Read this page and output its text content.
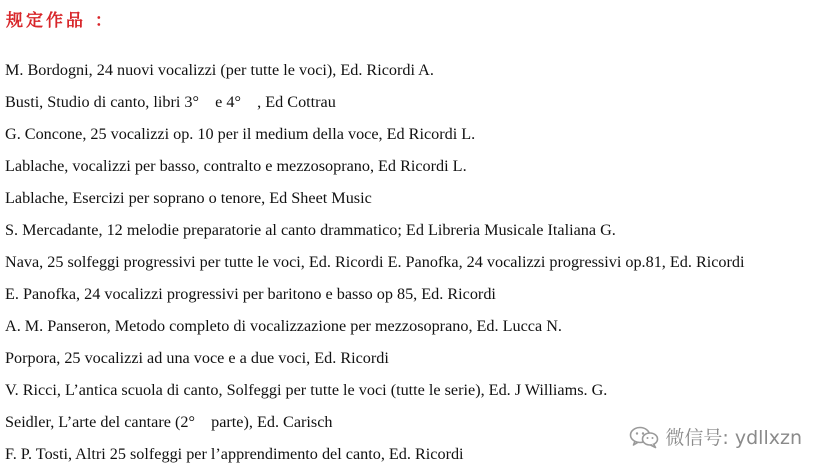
规定作品 ：
M. Bordogni, 24 nuovi vocalizzi (per tutte le voci), Ed. Ricordi A.
Busti, Studio di canto, libri 3°　e 4°　, Ed Cottrau
G. Concone, 25 vocalizzi op. 10 per il medium della voce, Ed Ricordi L.
Lablache, vocalizzi per basso, contralto e mezzosoprano, Ed Ricordi L.
Lablache, Esercizi per soprano o tenore, Ed Sheet Music
S. Mercadante, 12 melodie preparatorie al canto drammatico; Ed Libreria Musicale Italiana G.
Nava, 25 solfeggi progressivi per tutte le voci, Ed. Ricordi E. Panofka, 24 vocalizzi progressivi op.81, Ed. Ricordi
E. Panofka, 24 vocalizzi progressivi per baritono e basso op 85, Ed. Ricordi
A. M. Panseron, Metodo completo di vocalizzazione per mezzosoprano, Ed. Lucca N.
Porpora, 25 vocalizzi ad una voce e a due voci, Ed. Ricordi
V. Ricci, L’antica scuola di canto, Solfeggi per tutte le voci (tutte le serie), Ed. J Williams. G.
Seidler, L’arte del cantare (2°　parte), Ed. Carisch
F. P. Tosti, Altri 25 solfeggi per l’apprendimento del canto, Ed. Ricordi
微信号: ydllxzn
